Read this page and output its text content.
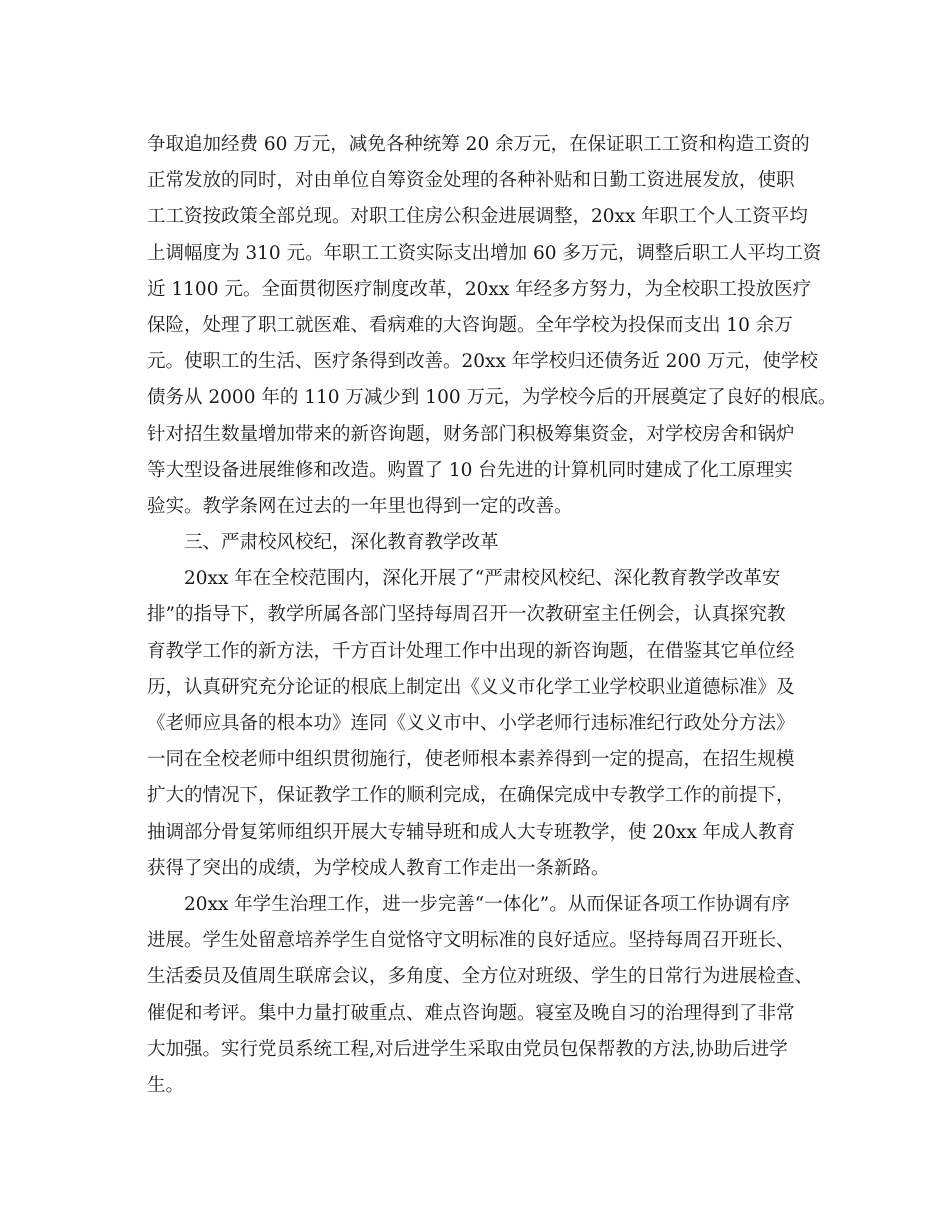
争取追加经费 60 万元，减免各种统筹 20 余万元，在保证职工工资和构造工资的
正常发放的同时，对由单位自筹资金处理的各种补贴和日勤工资进展发放，使职
工工资按政策全部兑现。对职工住房公积金进展调整，20xx 年职工个人工资平均
上调幅度为 310 元。年职工工资实际支出增加 60 多万元，调整后职工人平均工资
近 1100 元。全面贯彻医疗制度改革，20xx 年经多方努力，为全校职工投放医疗
保险，处理了职工就医难、看病难的大咨询题。全年学校为投保而支出 10 余万
元。使职工的生活、医疗条得到改善。20xx 年学校归还债务近 200 万元，使学校
债务从 2000 年的 110 万减少到 100 万元，为学校今后的开展奠定了良好的根底。
针对招生数量增加带来的新咨询题，财务部门积极筹集资金，对学校房舍和锅炉
等大型设备进展维修和改造。购置了 10 台先进的计算机同时建成了化工原理实
验实。教学条网在过去的一年里也得到一定的改善。
三、严肃校风校纪，深化教育教学改革
20xx 年在全校范围内，深化开展了“严肃校风校纪、深化教育教学改革安
排”的指导下，教学所属各部门坚持每周召开一次教研室主任例会，认真探究教
育教学工作的新方法，千方百计处理工作中出现的新咨询题，在借鉴其它单位经
历，认真研究充分论证的根底上制定出《义义市化学工业学校职业道德标准》及
《老师应具备的根本功》连同《义义市中、小学老师行违标准纪行政处分方法》
一同在全校老师中组织贯彻施行，使老师根本素养得到一定的提高，在招生规模
扩大的情况下，保证教学工作的顺利完成，在确保完成中专教学工作的前提下，
抽调部分骨复笫师组织开展大专辅导班和成人大专班教学，使 20xx 年成人教育
获得了突出的成绩，为学校成人教育工作走出一条新路。
20xx 年学生治理工作，进一步完善“一体化”。从而保证各项工作协调有序
进展。学生处留意培养学生自觉恪守文明标准的良好适应。坚持每周召开班长、
生活委员及值周生联席会议，多角度、全方位对班级、学生的日常行为进展检查、
催促和考评。集中力量打破重点、难点咨询题。寝室及晚自习的治理得到了非常
大加强。实行党员系统工程,对后进学生采取由党员包保帮教的方法,协助后进学
生。
